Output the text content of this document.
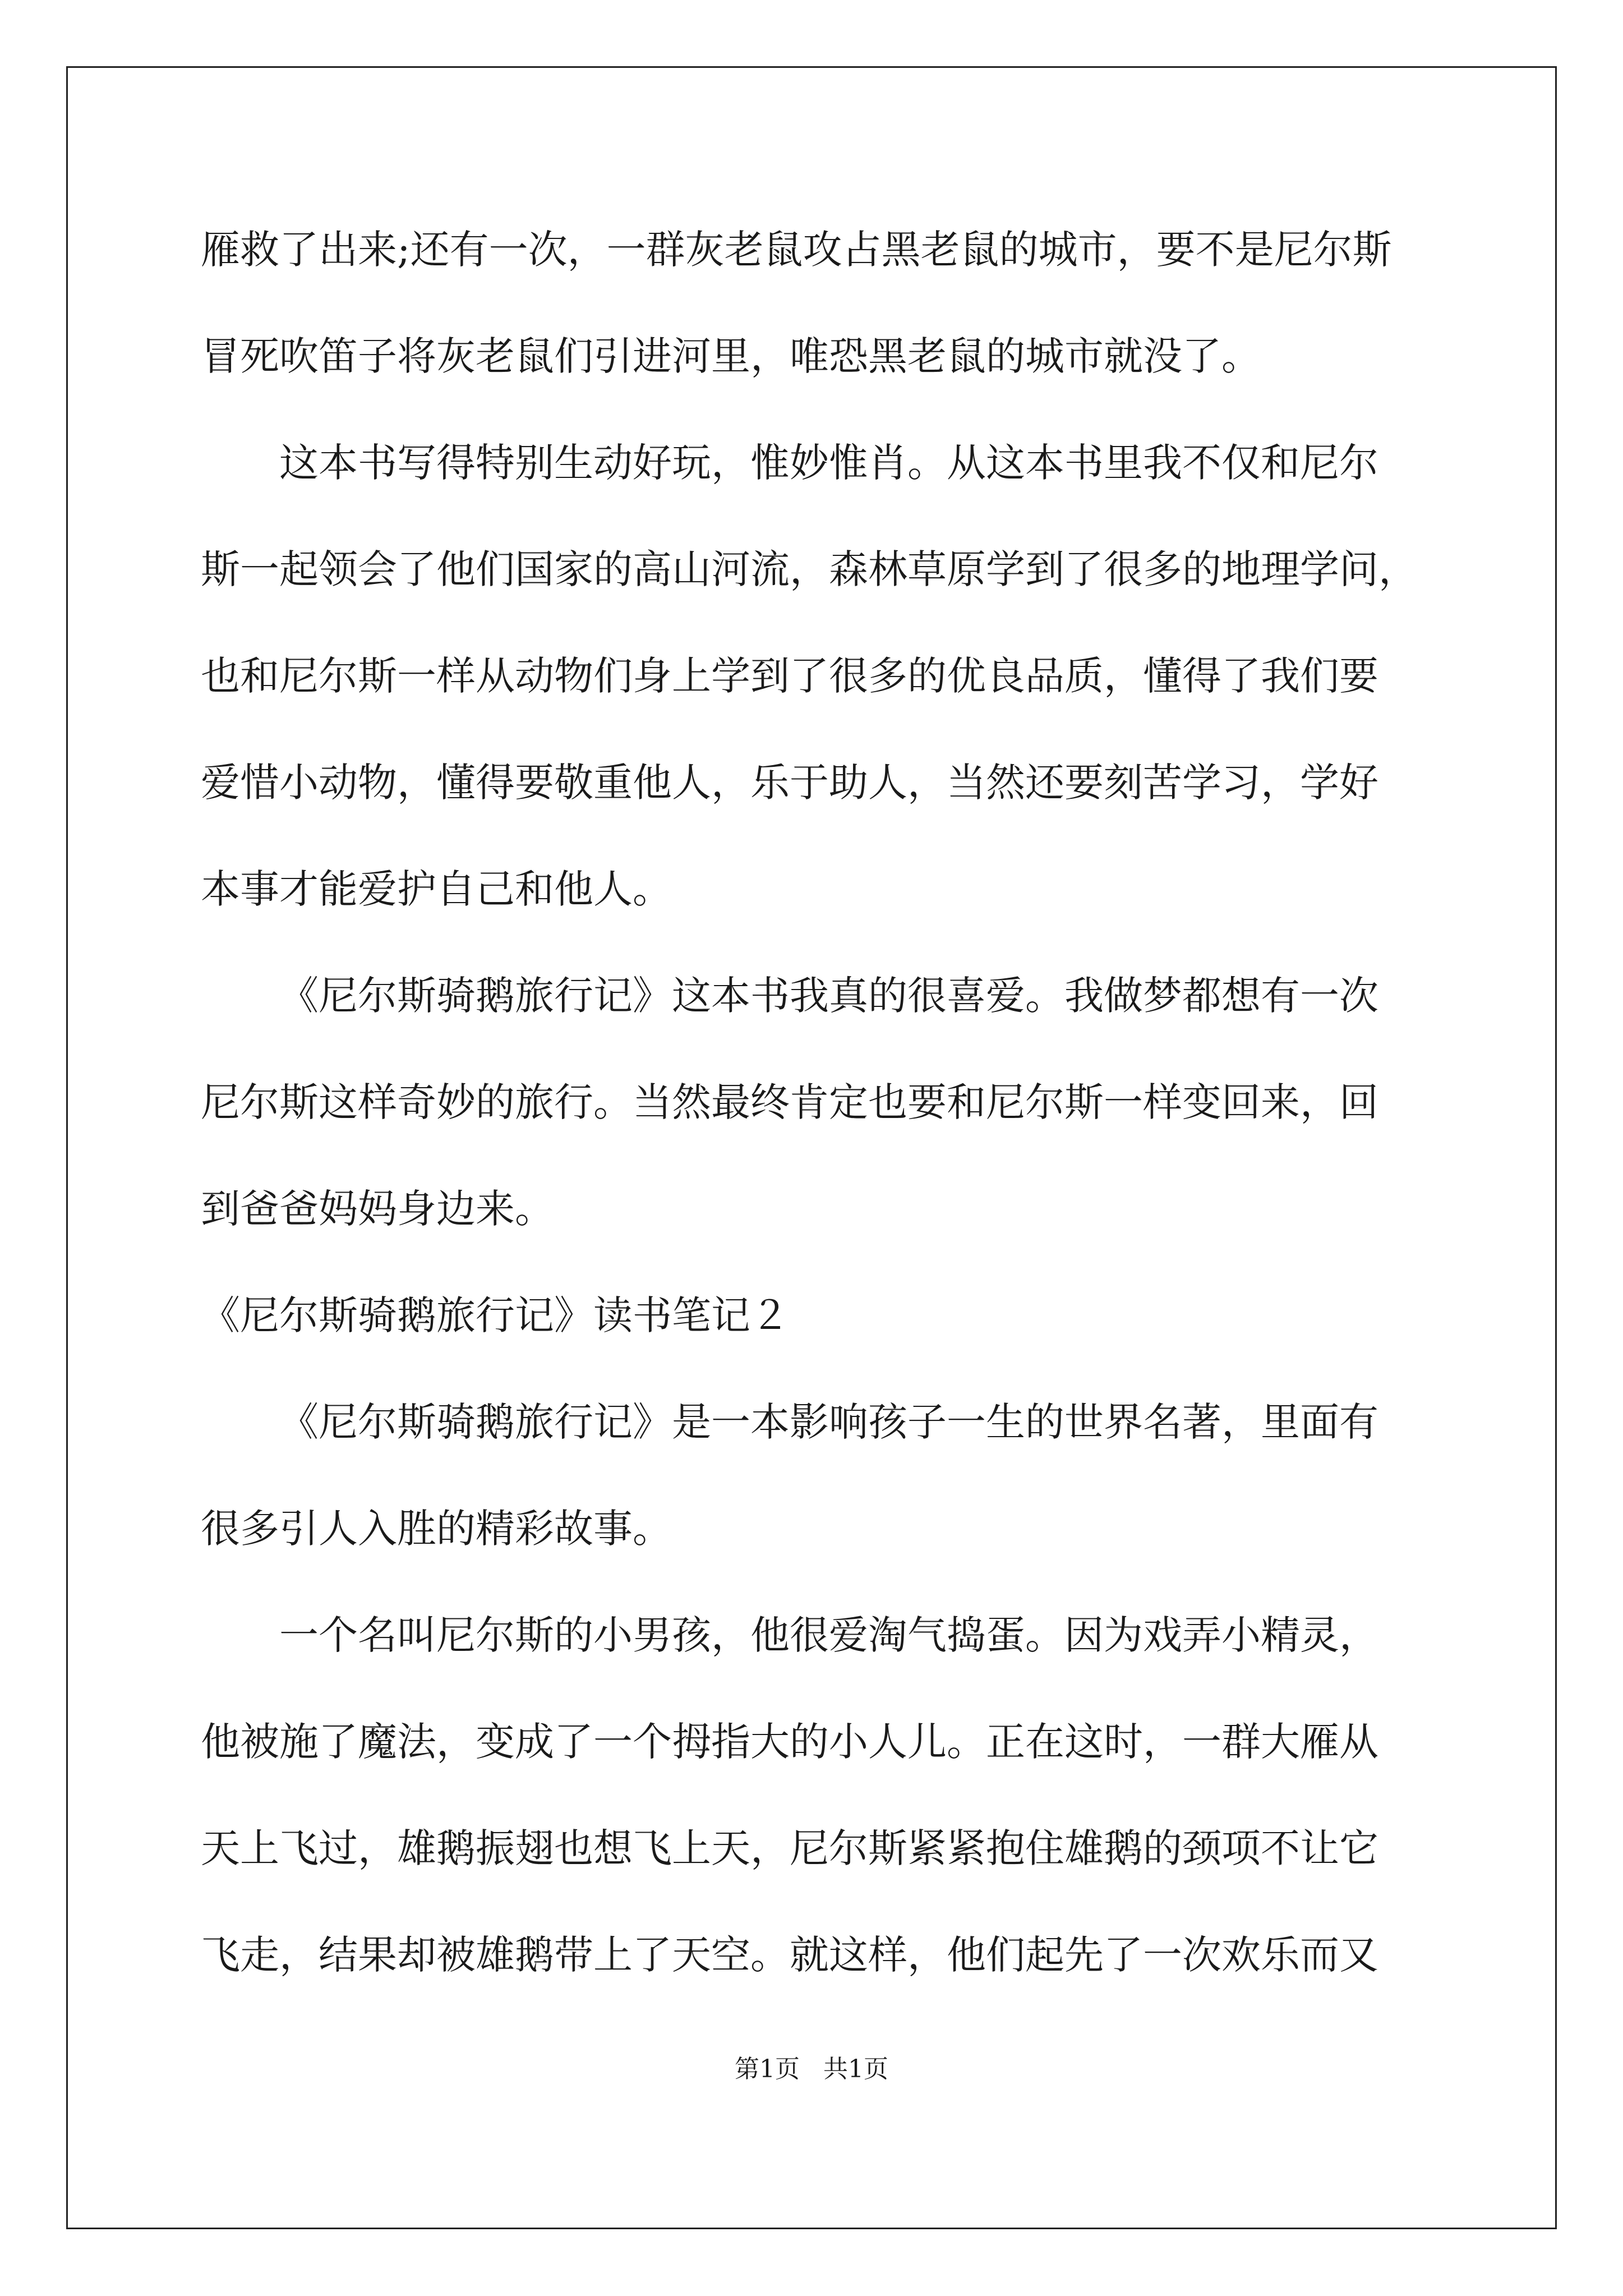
雁救了出来;还有一次，一群灰老鼠攻占黑老鼠的城市，要不是尼尔斯
冒死吹笛子将灰老鼠们引进河里，唯恐黑老鼠的城市就没了。
这本书写得特别生动好玩，惟妙惟肖。从这本书里我不仅和尼尔
斯一起领会了他们国家的高山河流，森林草原学到了很多的地理学问，
也和尼尔斯一样从动物们身上学到了很多的优良品质，懂得了我们要
爱惜小动物，懂得要敬重他人，乐于助人，当然还要刻苦学习，学好
本事才能爱护自己和他人。
《尼尔斯骑鹅旅行记》这本书我真的很喜爱。我做梦都想有一次
尼尔斯这样奇妙的旅行。当然最终肯定也要和尼尔斯一样变回来，回
到爸爸妈妈身边来。
《尼尔斯骑鹅旅行记》读书笔记２
《尼尔斯骑鹅旅行记》是一本影响孩子一生的世界名著，里面有
很多引人入胜的精彩故事。
一个名叫尼尔斯的小男孩，他很爱淘气捣蛋。因为戏弄小精灵，
他被施了魔法，变成了一个拇指大的小人儿。正在这时，一群大雁从
天上飞过，雄鹅振翅也想飞上天，尼尔斯紧紧抱住雄鹅的颈项不让它
飞走，结果却被雄鹅带上了天空。就这样，他们起先了一次欢乐而又
第1页   共1页
